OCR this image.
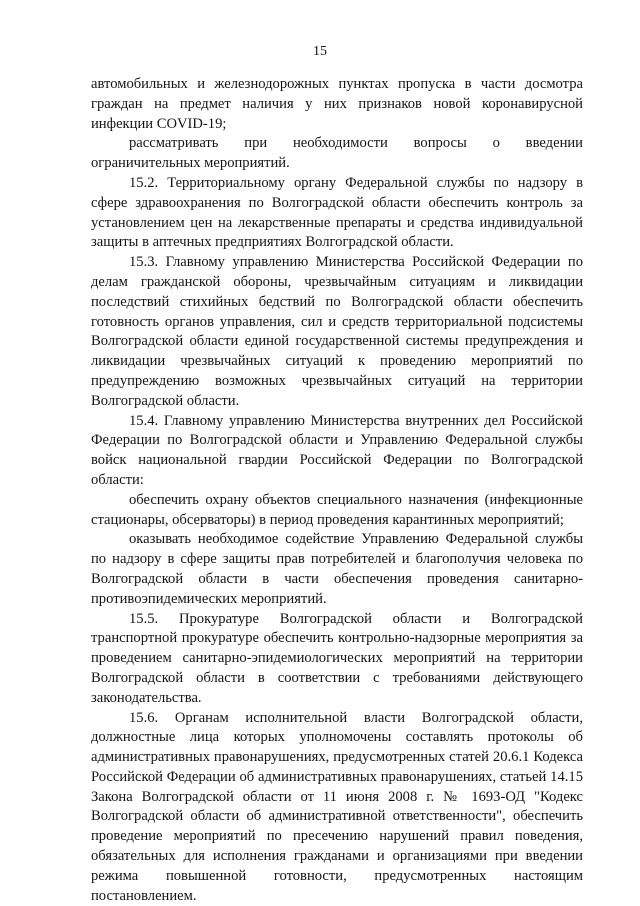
15

автомобильных и железнодорожных пунктах пропуска в части досмотра граждан на предмет наличия у них признаков новой коронавирусной инфекции COVID-19;

рассматривать при необходимости вопросы о введении ограничительных мероприятий.

15.2. Территориальному органу Федеральной службы по надзору в сфере здравоохранения по Волгоградской области обеспечить контроль за установлением цен на лекарственные препараты и средства индивидуальной защиты в аптечных предприятиях Волгоградской области.

15.3. Главному управлению Министерства Российской Федерации по делам гражданской обороны, чрезвычайным ситуациям и ликвидации последствий стихийных бедствий по Волгоградской области обеспечить готовность органов управления, сил и средств территориальной подсистемы Волгоградской области единой государственной системы предупреждения и ликвидации чрезвычайных ситуаций к проведению мероприятий по предупреждению возможных чрезвычайных ситуаций на территории Волгоградской области.

15.4. Главному управлению Министерства внутренних дел Российской Федерации по Волгоградской области и Управлению Федеральной службы войск национальной гвардии Российской Федерации по Волгоградской области:

обеспечить охрану объектов специального назначения (инфекционные стационары, обсерваторы) в период проведения карантинных мероприятий;

оказывать необходимое содействие Управлению Федеральной службы по надзору в сфере защиты прав потребителей и благополучия человека по Волгоградской области в части обеспечения проведения санитарно-противоэпидемических мероприятий.

15.5. Прокуратуре Волгоградской области и Волгоградской транспортной прокуратуре обеспечить контрольно-надзорные мероприятия за проведением санитарно-эпидемиологических мероприятий на территории Волгоградской области в соответствии с требованиями действующего законодательства.

15.6. Органам исполнительной власти Волгоградской области, должностные лица которых уполномочены составлять протоколы об административных правонарушениях, предусмотренных статей 20.6.1 Кодекса Российской Федерации об административных правонарушениях, статьей 14.15 Закона Волгоградской области от 11 июня 2008 г. № 1693-ОД "Кодекс Волгоградской области об административной ответственности", обеспечить проведение мероприятий по пресечению нарушений правил поведения, обязательных для исполнения гражданами и организациями при введении режима повышенной готовности, предусмотренных настоящим постановлением.
